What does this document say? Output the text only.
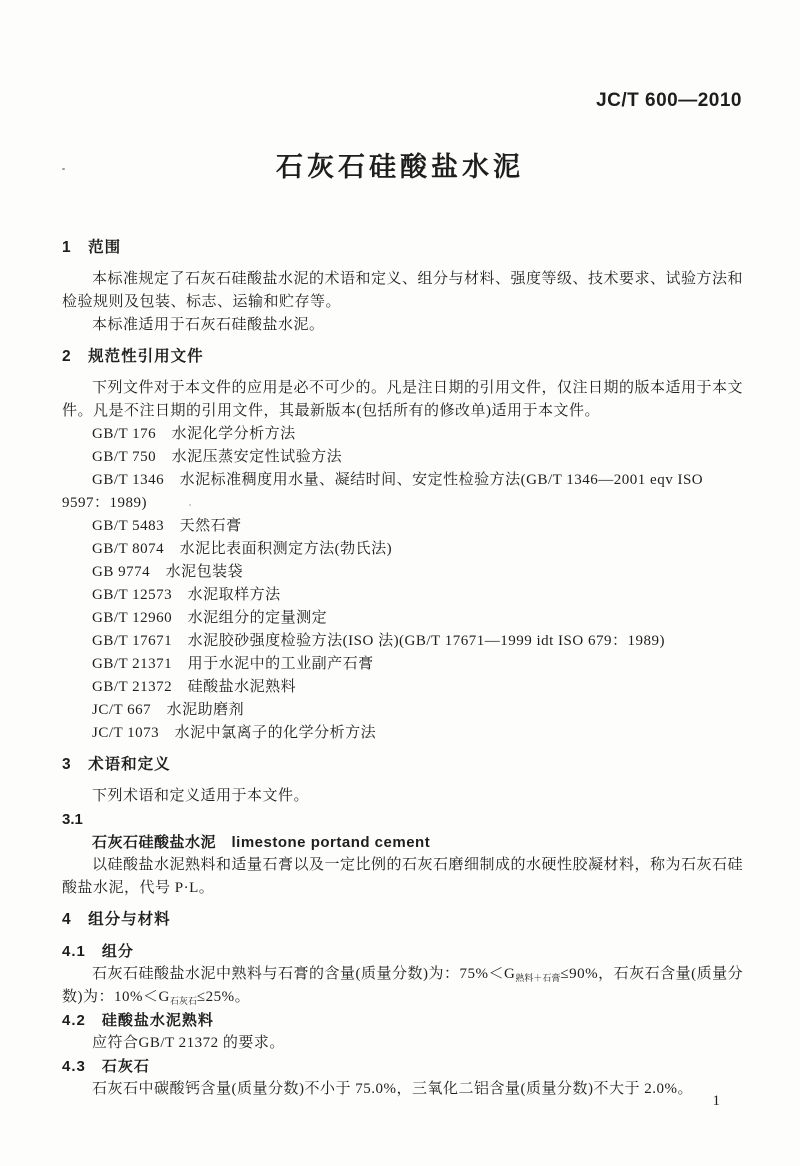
JC/T 600—2010
石灰石硅酸盐水泥
1　范围
本标准规定了石灰石硅酸盐水泥的术语和定义、组分与材料、强度等级、技术要求、试验方法和检验规则及包装、标志、运输和贮存等。
本标准适用于石灰石硅酸盐水泥。
2　规范性引用文件
下列文件对于本文件的应用是必不可少的。凡是注日期的引用文件，仅注日期的版本适用于本文件。凡是不注日期的引用文件，其最新版本(包括所有的修改单)适用于本文件。
GB/T 176　水泥化学分析方法
GB/T 750　水泥压蒸安定性试验方法
GB/T 1346　水泥标准稠度用水量、凝结时间、安定性检验方法(GB/T 1346—2001 eqv ISO 9597：1989)
GB/T 5483　天然石膏
GB/T 8074　水泥比表面积测定方法(勃氏法)
GB 9774　水泥包装袋
GB/T 12573　水泥取样方法
GB/T 12960　水泥组分的定量测定
GB/T 17671　水泥胶砂强度检验方法(ISO 法)(GB/T 17671—1999 idt ISO 679：1989)
GB/T 21371　用于水泥中的工业副产石膏
GB/T 21372　硅酸盐水泥熟料
JC/T 667　水泥助磨剂
JC/T 1073　水泥中氯离子的化学分析方法
3　术语和定义
下列术语和定义适用于本文件。
3.1
石灰石硅酸盐水泥　limestone portand cement
以硅酸盐水泥熟料和适量石膏以及一定比例的石灰石磨细制成的水硬性胶凝材料，称为石灰石硅酸盐水泥，代号 P·L。
4　组分与材料
4.1　组分
石灰石硅酸盐水泥中熟料与石膏的含量(质量分数)为：$75\%<G_{熟料+石膏}\le 90\%$，石灰石含量(质量分数)为：$10\%<G_{石灰石}\le 25\%$。
4.2　硅酸盐水泥熟料
应符合GB/T 21372 的要求。
4.3　石灰石
石灰石中碳酸钙含量(质量分数)不小于 75.0%，三氧化二铝含量(质量分数)不大于 2.0%。
1
